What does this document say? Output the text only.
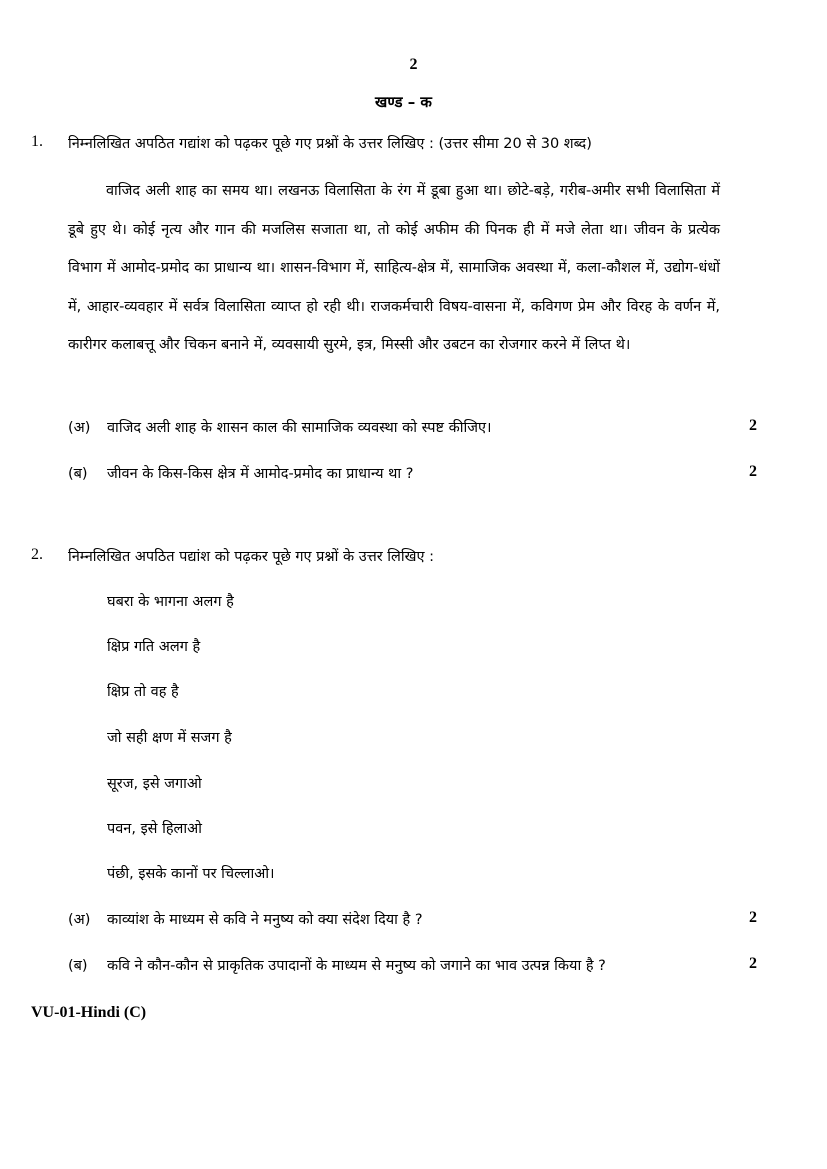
2
खण्ड – क
1. निम्नलिखित अपठित गद्यांश को पढ़कर पूछे गए प्रश्नों के उत्तर लिखिए : (उत्तर सीमा 20 से 30 शब्द)

वाजिद अली शाह का समय था। लखनऊ विलासिता के रंग में डूबा हुआ था। छोटे-बड़े, गरीब-अमीर सभी विलासिता में डूबे हुए थे। कोई नृत्य और गान की मजलिस सजाता था, तो कोई अफीम की पिनक ही में मजे लेता था। जीवन के प्रत्येक विभाग में आमोद-प्रमोद का प्राधान्य था। शासन-विभाग में, साहित्य-क्षेत्र में, सामाजिक अवस्था में, कला-कौशल में, उद्योग-धंधों में, आहार-व्यवहार में सर्वत्र विलासिता व्याप्त हो रही थी। राजकर्मचारी विषय-वासना में, कविगण प्रेम और विरह के वर्णन में, कारीगर कलाबत्तू और चिकन बनाने में, व्यवसायी सुरमे, इत्र, मिस्सी और उबटन का रोजगार करने में लिप्त थे।

(अ) वाजिद अली शाह के शासन काल की सामाजिक व्यवस्था को स्पष्ट कीजिए।	2
(ब) जीवन के किस-किस क्षेत्र में आमोद-प्रमोद का प्राधान्य था ?	2
2. निम्नलिखित अपठित पद्यांश को पढ़कर पूछे गए प्रश्नों के उत्तर लिखिए :
घबरा के भागना अलग है
क्षिप्र गति अलग है
क्षिप्र तो वह है
जो सही क्षण में सजग है
सूरज, इसे जगाओ
पवन, इसे हिलाओ
पंछी, इसके कानों पर चिल्लाओ।
(अ) काव्यांश के माध्यम से कवि ने मनुष्य को क्या संदेश दिया है ?	2
(ब) कवि ने कौन-कौन से प्राकृतिक उपादानों के माध्यम से मनुष्य को जगाने का भाव उत्पन्न किया है ?	2
VU-01-Hindi (C)
